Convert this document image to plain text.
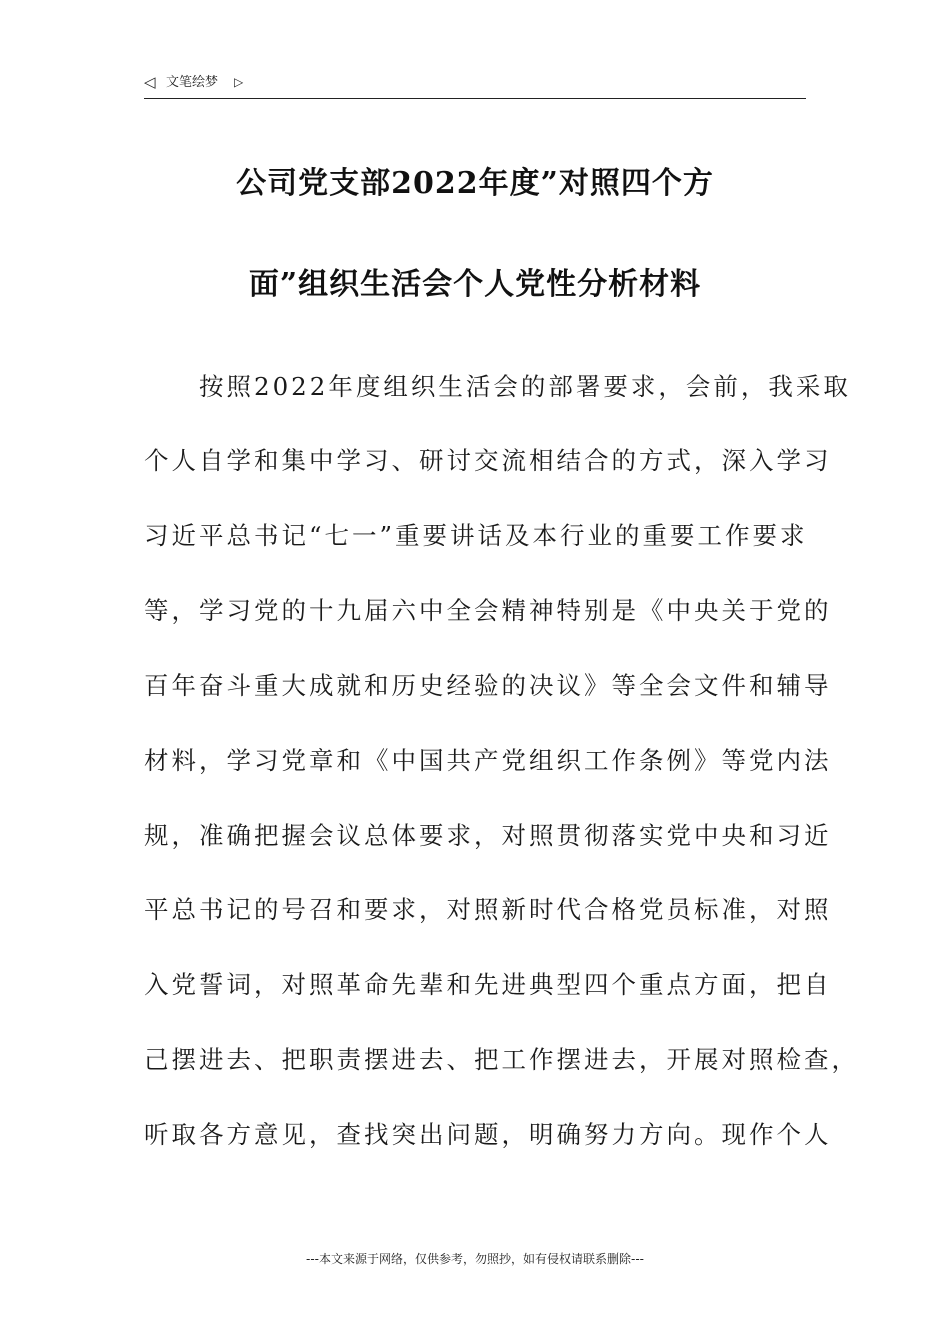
◁ 文笔绘梦 ▷
公司党支部2022年度”对照四个方
面”组织生活会个人党性分析材料
按照2022年度组织生活会的部署要求，会前，我采取
个人自学和集中学习、研讨交流相结合的方式，深入学习
习近平总书记“七一”重要讲话及本行业的重要工作要求
等，学习党的十九届六中全会精神特别是《中央关于党的
百年奋斗重大成就和历史经验的决议》等全会文件和辅导
材料，学习党章和《中国共产党组织工作条例》等党内法
规，准确把握会议总体要求，对照贯彻落实党中央和习近
平总书记的号召和要求，对照新时代合格党员标准，对照
入党誓词，对照革命先辈和先进典型四个重点方面，把自
己摆进去、把职责摆进去、把工作摆进去，开展对照检查，
听取各方意见，查找突出问题，明确努力方向。现作个人
---本文来源于网络，仅供参考，勿照抄，如有侵权请联系删除---
